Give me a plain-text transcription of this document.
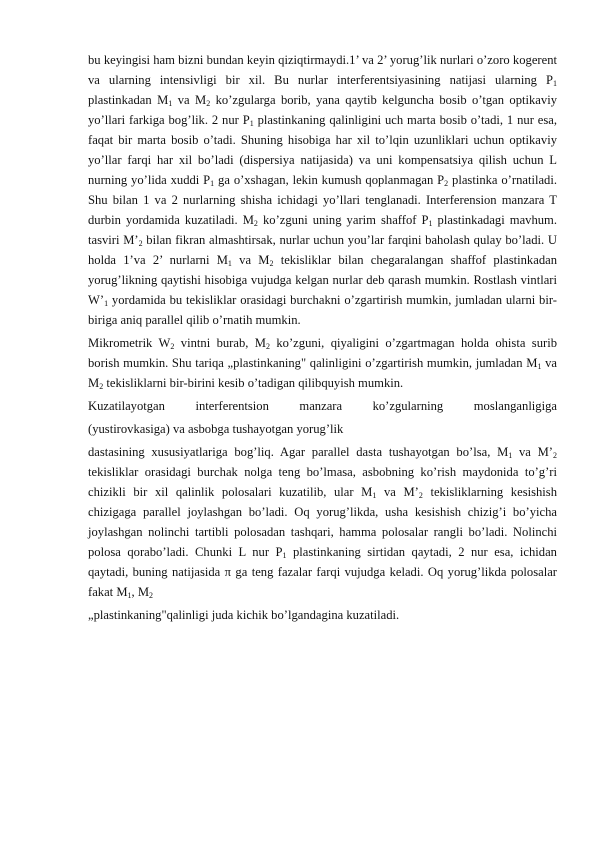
bu keyingisi ham bizni bundan keyin qiziqtirmaydi.1’ va 2’ yorug’lik nurlari o’zoro kogerent va ularning intensivligi bir xil. Bu nurlar interferentsiyasining natijasi ularning $P_1$ plastinkadan $M_1$ va $M_2$ ko’zgularga borib, yana qaytib kelguncha bosib o’tgan optikaviy yo’llari farkiga bog’lik. 2 nur $P_1$ plastinkaning qalinligini uch marta bosib o’tadi, 1 nur esa, faqat bir marta bosib o’tadi. Shuning hisobiga har xil to’lqin uzunliklari uchun optikaviy yo’llar farqi har xil bo’ladi (dispersiya natijasida) va uni kompensatsiya qilish uchun L nurning yo’lida xuddi $P_1$ ga o’xshagan, lekin kumush qoplanmagan $P_2$ plastinka o’rnatiladi. Shu bilan 1 va 2 nurlarning shisha ichidagi yo’llari tenglanadi. Interferension manzara T durbin yordamida kuzatiladi. $M_2$ ko’zguni uning yarim shaffof $P_1$ plastinkadagi mavhum. tasviri $M’_2$ bilan fikran almashtirsak, nurlar uchun you’lar farqini baholash qulay bo’ladi. U holda 1’va 2’ nurlarni $M_1$ va $M_2$ tekisliklar bilan chegaralangan shaffof plastinkadan yorug’likning qaytishi hisobiga vujudga kelgan nurlar deb qarash mumkin. Rostlash vintlari $W’_1$ yordamida bu tekisliklar orasidagi burchakni o’zgartirish mumkin, jumladan ularni bir-biriga aniq parallel qilib o’rnatih mumkin.

Mikrometrik $W_2$ vintni burab, $M_2$ ko’zguni, qiyaligini o’zgartmagan holda ohista surib borish mumkin. Shu tariqa „plastinkaning" qalinligini o’zgartirish mumkin, jumladan $M_1$ va $M_2$ tekisliklarni bir-birini kesib o’tadigan qilibquyish mumkin.

Kuzatilayotgan interferentsion manzara ko’zgularning moslanganligiga

(yustirovkasiga) va asbobga tushayotgan yorug’lik

dastasining xususiyatlariga bog’liq. Agar parallel dasta tushayotgan bo’lsa, $M_1$ va $M’_2$ tekisliklar orasidagi burchak nolga teng bo’lmasa, asbobning ko’rish maydonida to’g’ri chizikli bir xil qalinlik polosalari kuzatilib, ular $M_1$ va $M’_2$ tekisliklarning kesishish chizigaga parallel joylashgan bo’ladi. Oq yorug’likda, usha kesishish chizig’i bo’yicha joylashgan nolinchi tartibli polosadan tashqari, hamma polosalar rangli bo’ladi. Nolinchi polosa qorabo’ladi. Chunki L nur $P_1$ plastinkaning sirtidan qaytadi, 2 nur esa, ichidan qaytadi, buning natijasida π ga teng fazalar farqi vujudga keladi. Oq yorug’likda polosalar fakat $M_1$, $M_2$

„plastinkaning"qalinligi juda kichik bo’lgandagina kuzatiladi.
